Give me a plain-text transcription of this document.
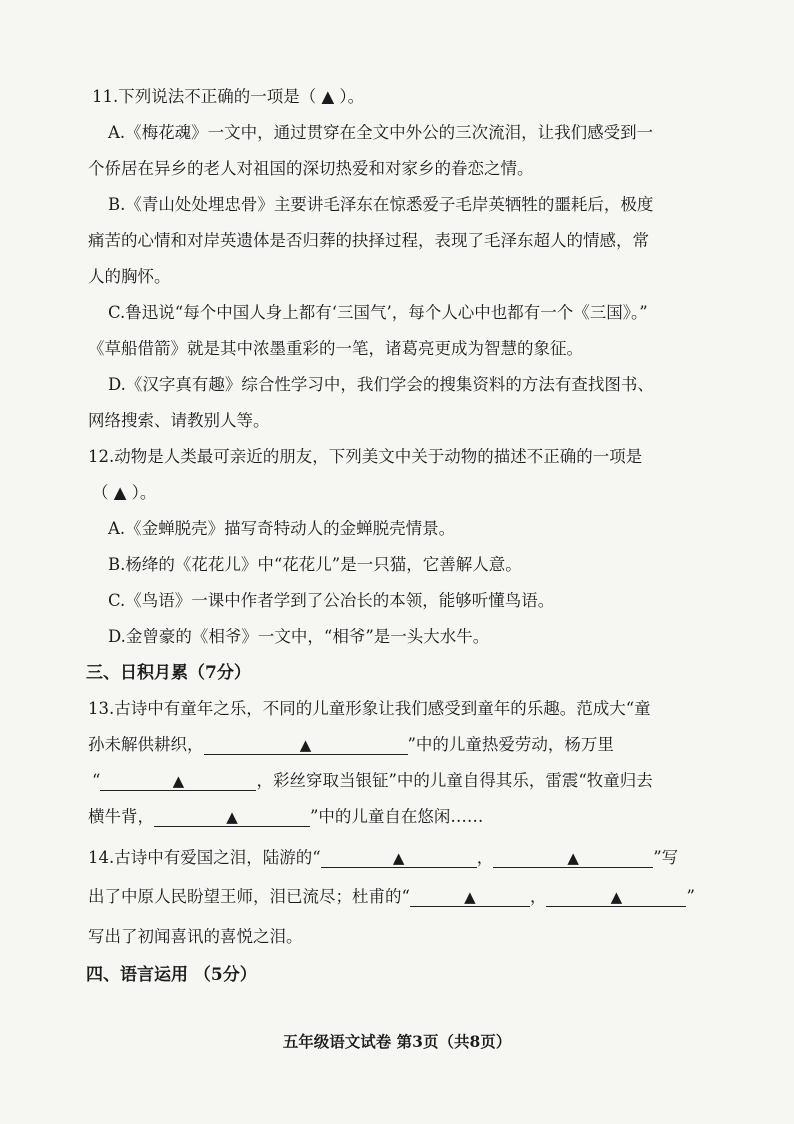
11.下列说法不正确的一项是（ ▲ ）。
A.《梅花魂》一文中，通过贯穿在全文中外公的三次流泪，让我们感受到一
个侨居在异乡的老人对祖国的深切热爱和对家乡的眷恋之情。
B.《青山处处埋忠骨》主要讲毛泽东在惊悉爱子毛岸英牺牲的噩耗后，极度
痛苦的心情和对岸英遗体是否归葬的抉择过程，表现了毛泽东超人的情感，常
人的胸怀。
C.鲁迅说“每个中国人身上都有‘三国气’，每个人心中也都有一个《三国》。”
《草船借箭》就是其中浓墨重彩的一笔，诸葛亮更成为智慧的象征。
D.《汉字真有趣》综合性学习中，我们学会的搜集资料的方法有查找图书、
网络搜索、请教别人等。
12.动物是人类最可亲近的朋友，下列美文中关于动物的描述不正确的一项是
（ ▲ ）。
A.《金蝉脱壳》描写奇特动人的金蝉脱壳情景。
B.杨绛的《花花儿》中“花花儿”是一只猫，它善解人意。
C.《鸟语》一课中作者学到了公冶长的本领，能够听懂鸟语。
D.金曾豪的《相爷》一文中，“相爷”是一头大水牛。
三、日积月累（7分）
13.古诗中有童年之乐，不同的儿童形象让我们感受到童年的乐趣。范成大“童
孙未解供耕织，	▲	”中的儿童热爱劳动，杨万里
“	▲	，彩丝穿取当银钲”中的儿童自得其乐，雷震“牧童归去
横牛背，	▲	”中的儿童自在悠闲……
14.古诗中有爱国之泪，陆游的“	▲	，	▲	”写
出了中原人民盼望王师，泪已流尽；杜甫的“	▲	，	▲	”
写出了初闻喜讯的喜悦之泪。
四、语言运用 （5分）
五年级语文试卷 第3页（共8页）
